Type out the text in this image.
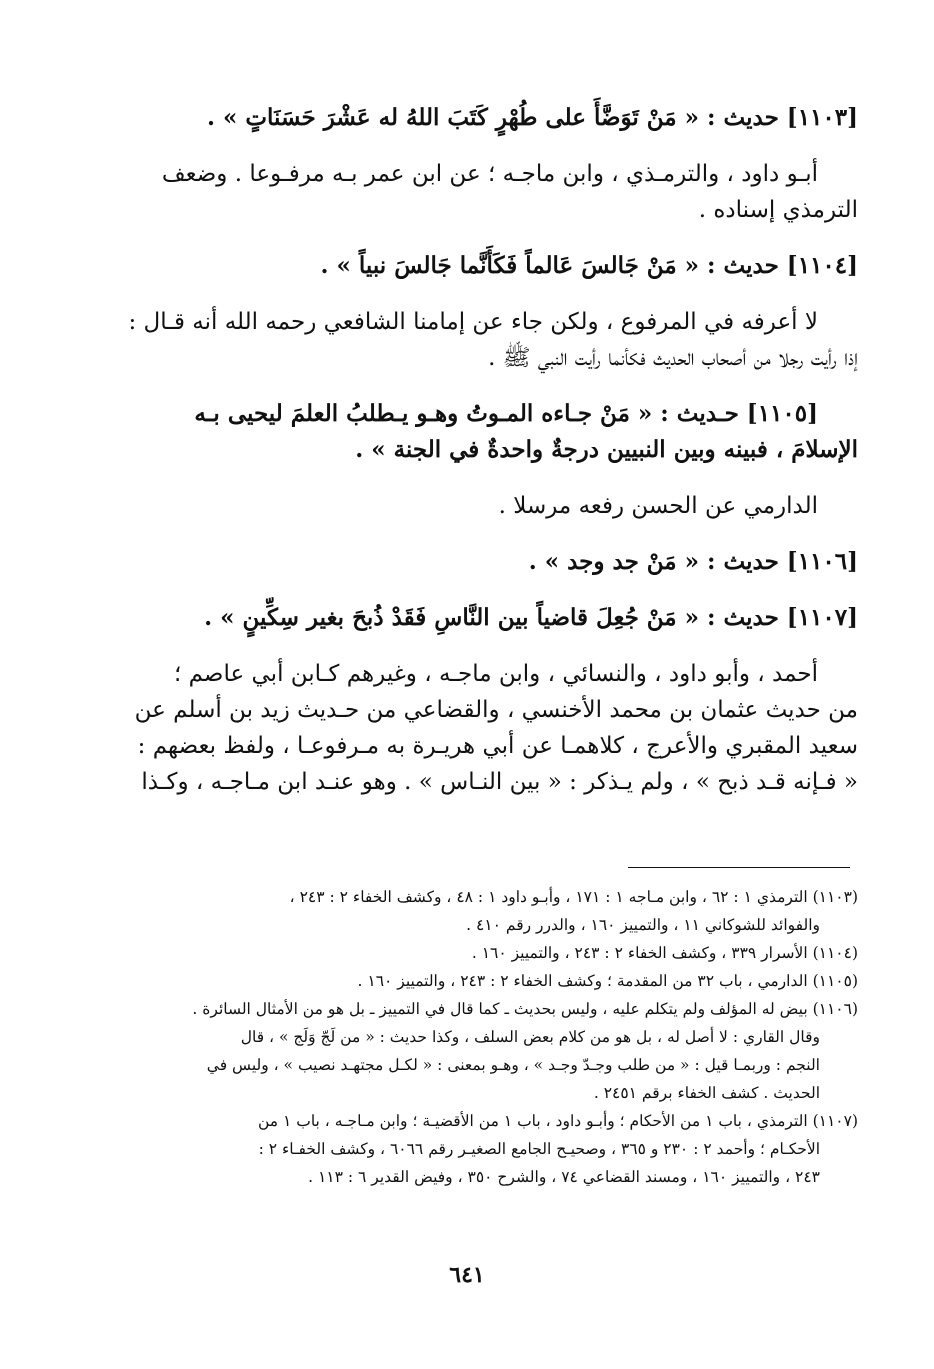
[١١٠٣] حديث : « مَنْ تَوَضَّأَ على طُهْرٍ كَتَبَ اللهُ له عَشْرَ حَسَنَاتٍ » .
أبـو داود ، والترمـذي ، وابن ماجـه ؛ عن ابن عمر بـه مرفـوعا . وضعف
الترمذي إسناده .
[١١٠٤] حديث : « مَنْ جَالسَ عَالماً فَكَأَنَّما جَالسَ نبياً » .
لا أعرفه في المرفوع ، ولكن جاء عن إمامنا الشافعي رحمه الله أنه قـال :
إذا رأيت رجلا من أصحاب الحديث فكأنما رأيت النبي ﷺ .
[١١٠٥] حـديث : « مَنْ جـاءه المـوتُ وهـو يـطلبُ العلمَ ليحيى بـه
الإسلامَ ، فبينه وبين النبيين درجةٌ واحدةٌ في الجنة » .
الدارمي عن الحسن رفعه مرسلا .
[١١٠٦] حديث : « مَنْ جد وجد » .
[١١٠٧] حديث : « مَنْ جُعِلَ قاضياً بين النَّاسِ فَقَدْ ذُبحَ بغير سِكِّينٍ » .
أحمد ، وأبو داود ، والنسائي ، وابن ماجـه ، وغيرهم كـابن أبي عاصم ؛
من حديث عثمان بن محمد الأخنسي ، والقضاعي من حـديث زيد بن أسلم عن
سعيد المقبري والأعرج ، كلاهمـا عن أبي هريـرة به مـرفوعـا ، ولفظ بعضهم :
« فـإنه قـد ذبح » ، ولم يـذكر : « بين النـاس » . وهو عنـد ابن مـاجـه ، وكـذا
(١١٠٣) الترمذي ١ : ٦٢ ، وابن مـاجه ١ : ١٧١ ، وأبـو داود ١ : ٤٨ ، وكشف الخفاء ٢ : ٢٤٣ ،
والفوائد للشوكاني ١١ ، والتمييز ١٦٠ ، والدرر رقم ٤١٠ .
(١١٠٤) الأسرار ٣٣٩ ، وكشف الخفاء ٢ : ٢٤٣ ، والتمييز ١٦٠ .
(١١٠٥) الدارمي ، باب ٣٢ من المقدمة ؛ وكشف الخفاء ٢ : ٢٤٣ ، والتمييز ١٦٠ .
(١١٠٦) بيض له المؤلف ولم يتكلم عليه ، وليس بحديث ـ كما قال في التمييز ـ بل هو من الأمثال السائرة .
وقال القاري : لا أصل له ، بل هو من كلام بعض السلف ، وكذا حديث : « من لَجّ وَلَج » ، قال
النجم : وربمـا قيل : « من طلب وجـدّ وجـد » ، وهـو بمعنى : « لكـل مجتهـد نصيب » ، وليس في
الحديث . كشف الخفاء برقم ٢٤٥١ .
(١١٠٧) الترمذي ، باب ١ من الأحكام ؛ وأبـو داود ، باب ١ من الأقضيـة ؛ وابن مـاجـه ، باب ١ من
الأحكـام ؛ وأحمد ٢ : ٢٣٠ و ٣٦٥ ، وصحيـح الجامع الصغيـر رقم ٦٠٦٦ ، وكشف الخفـاء ٢ :
٢٤٣ ، والتمييز ١٦٠ ، ومسند القضاعي ٧٤ ، والشرح ٣٥٠ ، وفيض القدير ٦ : ١١٣ .
٦٤١
